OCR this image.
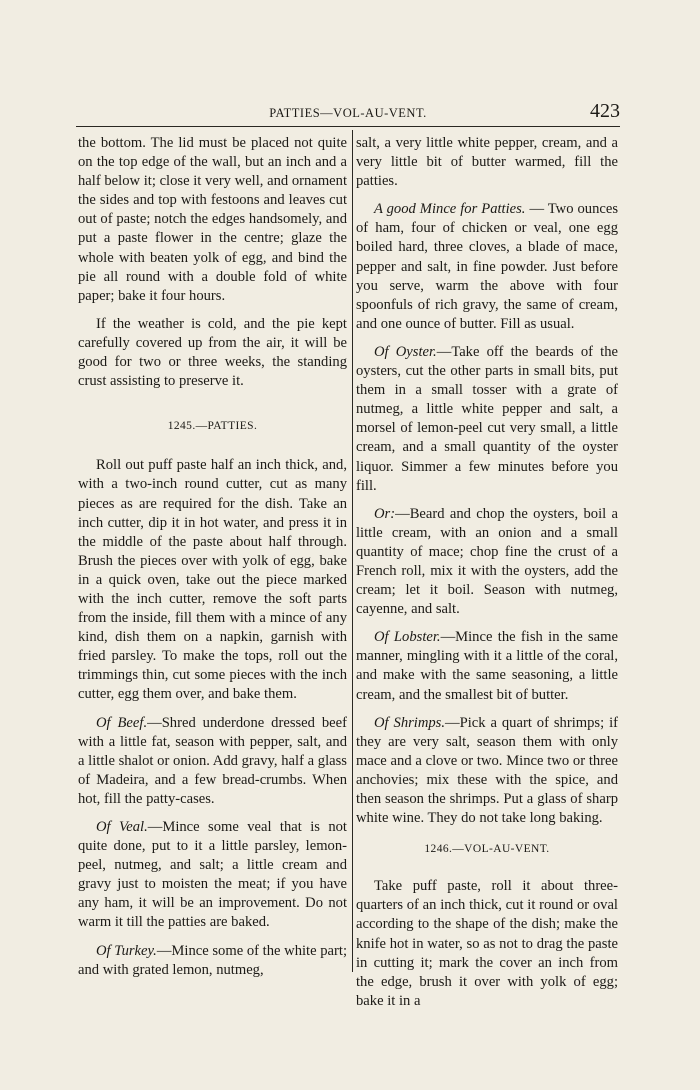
PATTIES—VOL-AU-VENT.	423

the bottom. The lid must be placed not quite on the top edge of the wall, but an inch and a half below it; close it very well, and ornament the sides and top with festoons and leaves cut out of paste; notch the edges handsomely, and put a paste flower in the centre; glaze the whole with beaten yolk of egg, and bind the pie all round with a double fold of white paper; bake it four hours.

If the weather is cold, and the pie kept carefully covered up from the air, it will be good for two or three weeks, the standing crust assisting to preserve it.

1245.—PATTIES.

Roll out puff paste half an inch thick, and, with a two-inch round cutter, cut as many pieces as are required for the dish. Take an inch cutter, dip it in hot water, and press it in the middle of the paste about half through. Brush the pieces over with yolk of egg, bake in a quick oven, take out the piece marked with the inch cutter, remove the soft parts from the inside, fill them with a mince of any kind, dish them on a napkin, garnish with fried parsley. To make the tops, roll out the trimmings thin, cut some pieces with the inch cutter, egg them over, and bake them.

Of Beef.—Shred underdone dressed beef with a little fat, season with pepper, salt, and a little shalot or onion. Add gravy, half a glass of Madeira, and a few bread-crumbs. When hot, fill the patty-cases.

Of Veal.—Mince some veal that is not quite done, put to it a little parsley, lemon-peel, nutmeg, and salt; a little cream and gravy just to moisten the meat; if you have any ham, it will be an improvement. Do not warm it till the patties are baked.

Of Turkey.—Mince some of the white part; and with grated lemon, nutmeg,

salt, a very little white pepper, cream, and a very little bit of butter warmed, fill the patties.

A good Mince for Patties. — Two ounces of ham, four of chicken or veal, one egg boiled hard, three cloves, a blade of mace, pepper and salt, in fine powder. Just before you serve, warm the above with four spoonfuls of rich gravy, the same of cream, and one ounce of butter. Fill as usual.

Of Oyster.—Take off the beards of the oysters, cut the other parts in small bits, put them in a small tosser with a grate of nutmeg, a little white pepper and salt, a morsel of lemon-peel cut very small, a little cream, and a small quantity of the oyster liquor. Simmer a few minutes before you fill.

Or:—Beard and chop the oysters, boil a little cream, with an onion and a small quantity of mace; chop fine the crust of a French roll, mix it with the oysters, add the cream; let it boil. Season with nutmeg, cayenne, and salt.

Of Lobster.—Mince the fish in the same manner, mingling with it a little of the coral, and make with the same seasoning, a little cream, and the smallest bit of butter.

Of Shrimps.—Pick a quart of shrimps; if they are very salt, season them with only mace and a clove or two. Mince two or three anchovies; mix these with the spice, and then season the shrimps. Put a glass of sharp white wine. They do not take long baking.

1246.—VOL-AU-VENT.

Take puff paste, roll it about three-quarters of an inch thick, cut it round or oval according to the shape of the dish; make the knife hot in water, so as not to drag the paste in cutting it; mark the cover an inch from the edge, brush it over with yolk of egg; bake it in a
